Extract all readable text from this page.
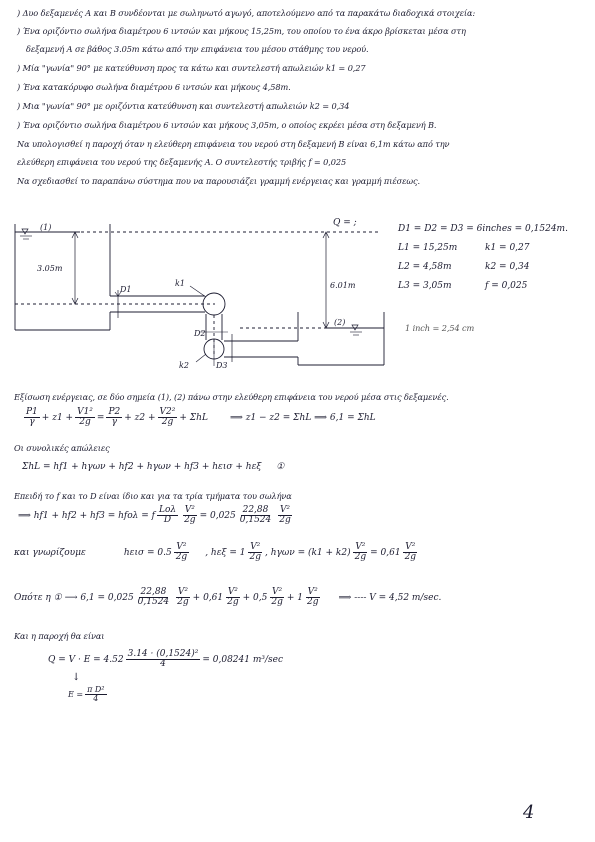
) Δυο δεξαμενές Α και Β συνδέονται με σωληνωτό αγωγό, αποτελούμενο από τα παρακάτω διαδοχικά στοιχεία:
) Ένα οριζόντιο σωλήνα διαμέτρου 6 ιντσών και μήκους 15,25m, του οποίου το ένα άκρο βρίσκεται μέσα στη
δεξαμενή Α σε βάθος 3.05m κάτω από την επιφάνεια του μέσου στάθμης του νερού.
) Μία "γωνία" 90° με κατεύθυνση προς τα κάτω και συντελεστή απωλειών k1 = 0,27
) Ένα κατακόρυφο σωλήνα διαμέτρου 6 ιντσών και μήκους 4,58m.
) Μια "γωνία" 90° με οριζόντια κατεύθυνση και συντελεστή απωλειών k2 = 0,34
) Ένα οριζόντιο σωλήνα διαμέτρου 6 ιντσών και μήκους 3,05m, ο οποίος εκρέει μέσα στη δεξαμενή Β.
Να υπολογισθεί η παροχή όταν η ελεύθερη επιφάνεια του νερού στη δεξαμενή Β είναι 6,1m κάτω από την
ελεύθερη επιφάνεια του νερού της δεξαμενής Α. Ο συντελεστής τριβής f = 0,025
Να σχεδιασθεί το παραπάνω σύστημα που να παρουσιάζει γραμμή ενέργειας και γραμμή πιέσεως.
(1)
(2)
Q = ;
3.05m
6.01m
D1
k1
D2
k2	D3
D1 = D2 = D3 = 6inches = 0,1524m.
L1 = 15,25m	k1 = 0,27
L2 = 4,58m	k2 = 0,34
L3 = 3,05m	f = 0,025
1 inch = 2,54 cm
Εξίσωση ενέργειας, σε δύο σημεία (1), (2) πάνω στην ελεύθερη επιφάνεια του νερού μέσα στις δεξαμενές.
$\frac{P1}{\gamma} + z1 + \frac{\text{V1²}}{2g} = \frac{P2}{\gamma} + z2 + \frac{\text{V2²}}{2g} + \Sigma hL$ ⟹ z1 − z2 = ΣhL ⟹ 6,1 = ΣhL
Οι συνολικές απώλειες
ΣhL = hf1 + hγων + hf2 + hγων + hf3 + hεισ + hεξ ①
Επειδή το f και το D είναι ίδιο και για τα τρία τμήματα του σωλήνα
⟹ hf1 + hf2 + hf3 = hfολ = f $\frac{\text{Lολ}}{D} \frac{\text{V²}}{2g} = 0,025 \frac{22,88}{0,1524} \frac{\text{V²}}{2g}$
και γνωρίζουμε	$h\varepsilon\iota\sigma = 0.5 \frac{\text{V²}}{2g}$ , $h\varepsilon\xi = 1 \frac{\text{V²}}{2g}$ , $h\gamma\omega\nu = (k1 + k2) \frac{\text{V²}}{2g} = 0,61 \frac{\text{V²}}{2g}$
Οπότε η ① ⟶ $6,1 = 0,025 \frac{22,88}{0,1524} \frac{\text{V²}}{2g} + 0,61 \frac{\text{V²}}{2g} + 0,5 \frac{\text{V²}}{2g} + 1 \frac{\text{V²}}{2g}$ ⟹ ---- V = 4,52 m/sec.
Και η παροχή θα είναι
$Q = V \cdot E = 4.52 \frac{\text{3.14 · (0,1524)²}}{4} = 0,08241$ m³/sec
↓
$E = \frac{\text{π D²}}{4}$
4
